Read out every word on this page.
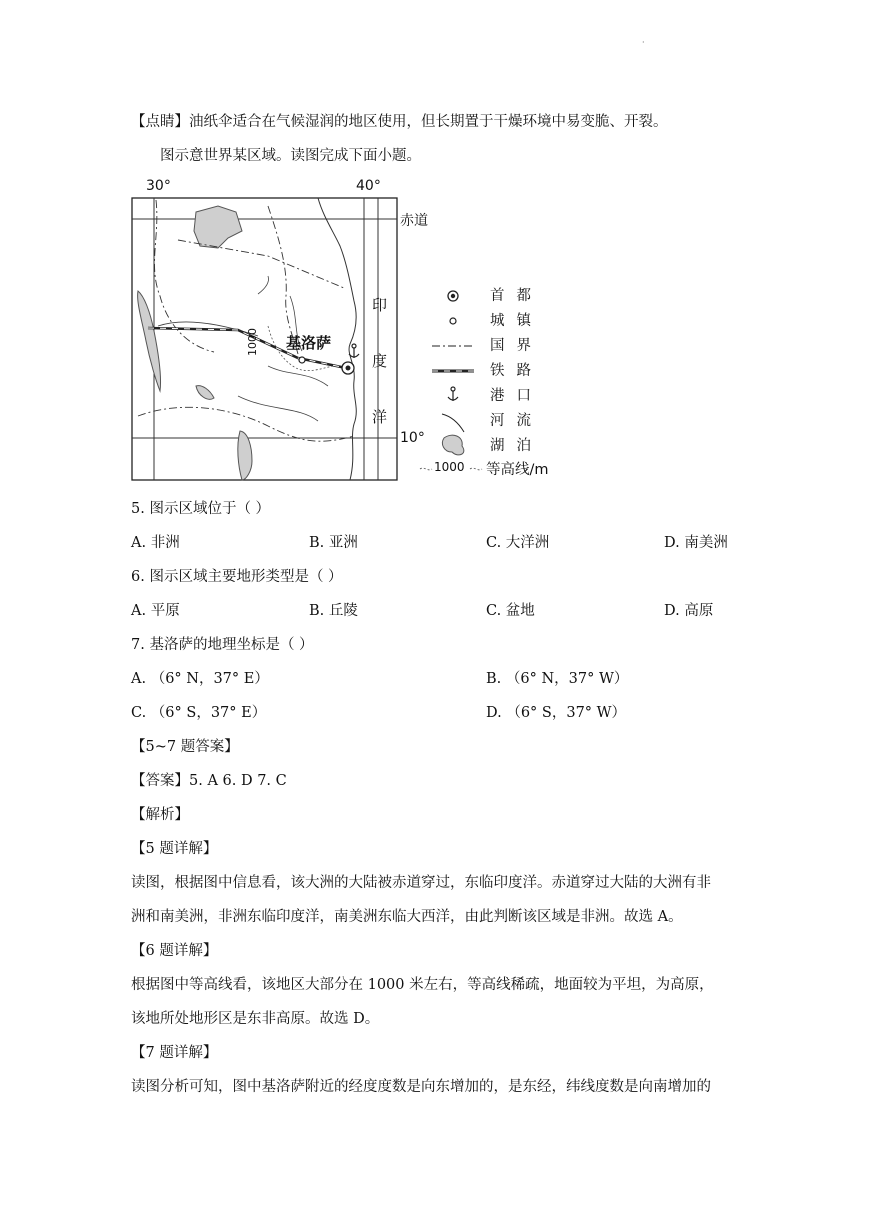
·
【点睛】油纸伞适合在气候湿润的地区使用，但长期置于干燥环境中易变脆、开裂。
图示意世界某区域。读图完成下面小题。
30°	40°
赤道
10°
印
度
洋
基洛萨
1000
首都
城镇
国界
铁路
港口
河流
湖泊
1000 等高线/m
5. 图示区域位于（ ）
A. 非洲	B. 亚洲	C. 大洋洲	D. 南美洲
6. 图示区域主要地形类型是（ ）
A. 平原	B. 丘陵	C. 盆地	D. 高原
7. 基洛萨的地理坐标是（ ）
A. （6° N，37° E）	B. （6° N，37° W）
C. （6° S，37° E）	D. （6° S，37° W）
【5~7 题答案】
【答案】5. A 6. D 7. C
【解析】
【5 题详解】
读图，根据图中信息看，该大洲的大陆被赤道穿过，东临印度洋。赤道穿过大陆的大洲有非
洲和南美洲，非洲东临印度洋，南美洲东临大西洋，由此判断该区域是非洲。故选 A。
【6 题详解】
根据图中等高线看，该地区大部分在 1000 米左右，等高线稀疏，地面较为平坦，为高原，
该地所处地形区是东非高原。故选 D。
【7 题详解】
读图分析可知，图中基洛萨附近的经度度数是向东增加的，是东经，纬线度数是向南增加的
